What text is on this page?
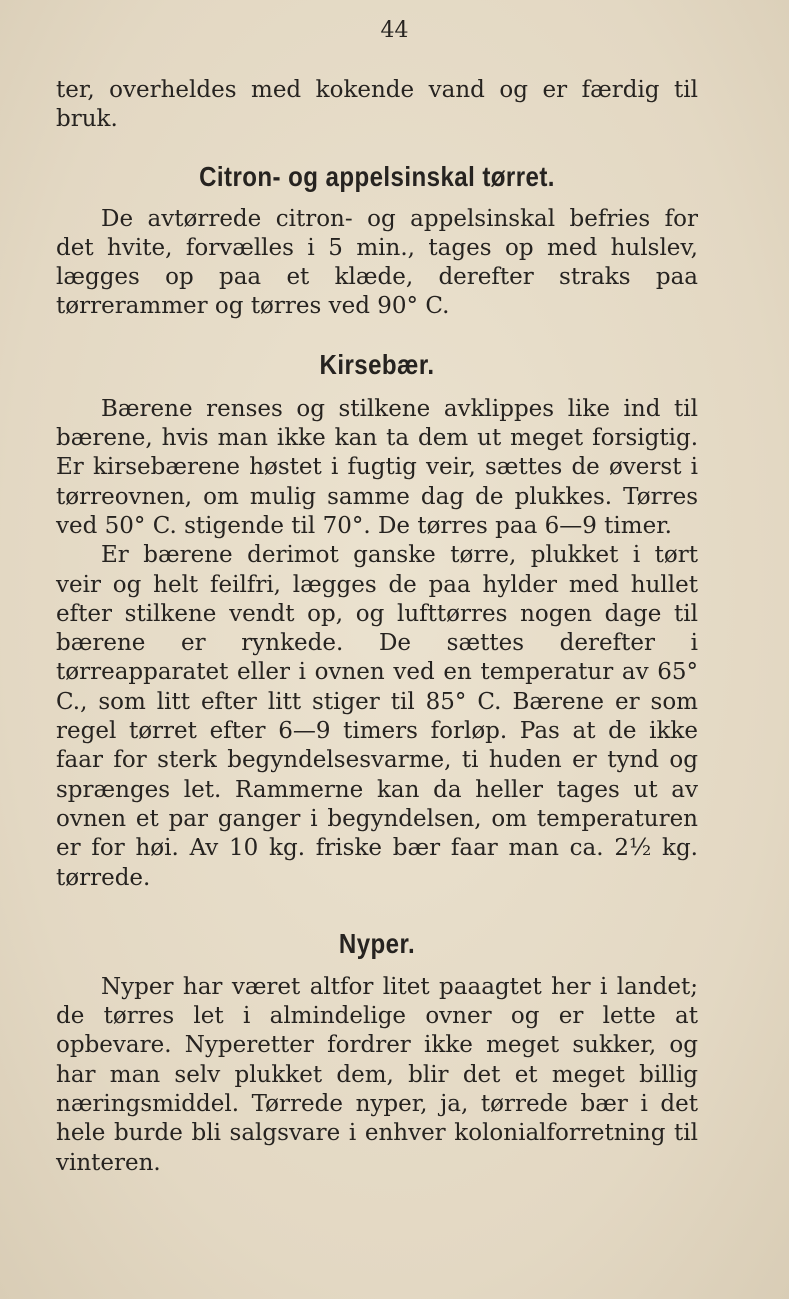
44

ter, overheldes med kokende vand og er færdig til bruk.

Citron- og appelsinskal tørret.

De avtørrede citron- og appelsinskal befries for det hvite, forvælles i 5 min., tages op med hulslev, lægges op paa et klæde, derefter straks paa tørrerammer og tørres ved 90° C.

Kirsebær.

Bærene renses og stilkene avklippes like ind til bærene, hvis man ikke kan ta dem ut meget forsigtig. Er kirsebærene høstet i fugtig veir, sættes de øverst i tørreovnen, om mulig samme dag de plukkes. Tørres ved 50° C. stigende til 70°. De tørres paa 6—9 timer.

Er bærene derimot ganske tørre, plukket i tørt veir og helt feilfri, lægges de paa hylder med hullet efter stilkene vendt op, og lufttørres nogen dage til bærene er rynkede. De sættes derefter i tørreapparatet eller i ovnen ved en temperatur av 65° C., som litt efter litt stiger til 85° C. Bærene er som regel tørret efter 6—9 timers forløp. Pas at de ikke faar for sterk begyndelsesvarme, ti huden er tynd og sprænges let. Rammerne kan da heller tages ut av ovnen et par ganger i begyndelsen, om temperaturen er for høi. Av 10 kg. friske bær faar man ca. 2½ kg. tørrede.

Nyper.

Nyper har været altfor litet paaagtet her i landet; de tørres let i almindelige ovner og er lette at opbevare. Nyperetter fordrer ikke meget sukker, og har man selv plukket dem, blir det et meget billig næringsmiddel. Tørrede nyper, ja, tørrede bær i det hele burde bli salgsvare i enhver kolonialforretning til vinteren.
